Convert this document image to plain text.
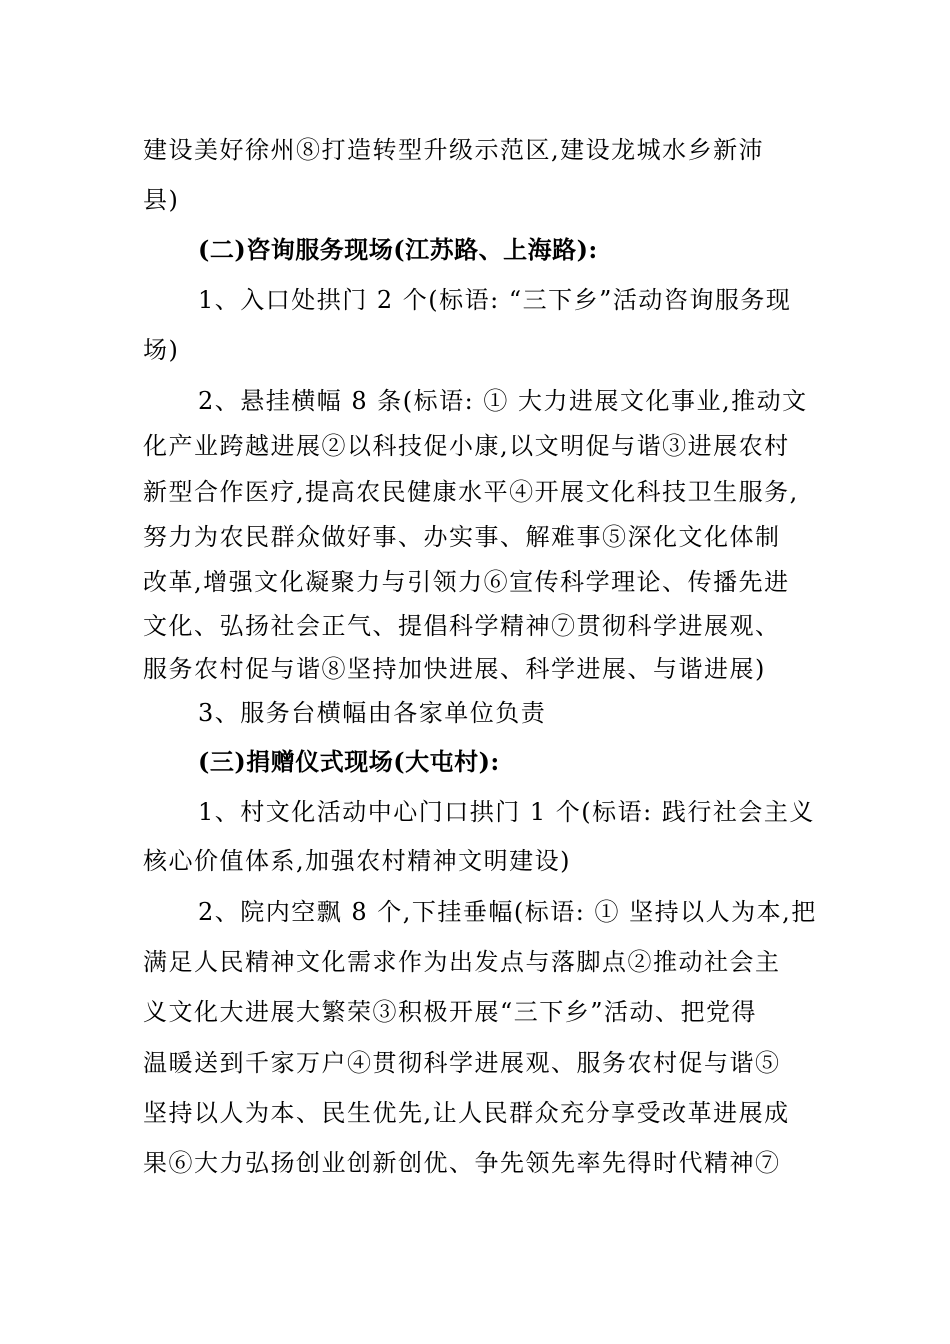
建设美好徐州⑧打造转型升级示范区,建设龙城水乡新沛
县)
(二)咨询服务现场(江苏路、上海路):
1、入口处拱门 2 个(标语: “三下乡”活动咨询服务现
场)
2、悬挂横幅 8 条(标语: ① 大力进展文化事业,推动文
化产业跨越进展②以科技促小康,以文明促与谐③进展农村
新型合作医疗,提高农民健康水平④开展文化科技卫生服务,
努力为农民群众做好事、办实事、解难事⑤深化文化体制
改革,增强文化凝聚力与引领力⑥宣传科学理论、传播先进
文化、弘扬社会正气、提倡科学精神⑦贯彻科学进展观、
服务农村促与谐⑧坚持加快进展、科学进展、与谐进展)
3、服务台横幅由各家单位负责
(三)捐赠仪式现场(大屯村):
1、村文化活动中心门口拱门 1 个(标语: 践行社会主义
核心价值体系,加强农村精神文明建设)
2、院内空飘 8 个,下挂垂幅(标语: ① 坚持以人为本,把
满足人民精神文化需求作为出发点与落脚点②推动社会主
义文化大进展大繁荣③积极开展“三下乡”活动、把党得
温暖送到千家万户④贯彻科学进展观、服务农村促与谐⑤
坚持以人为本、民生优先,让人民群众充分享受改革进展成
果⑥大力弘扬创业创新创优、争先领先率先得时代精神⑦
